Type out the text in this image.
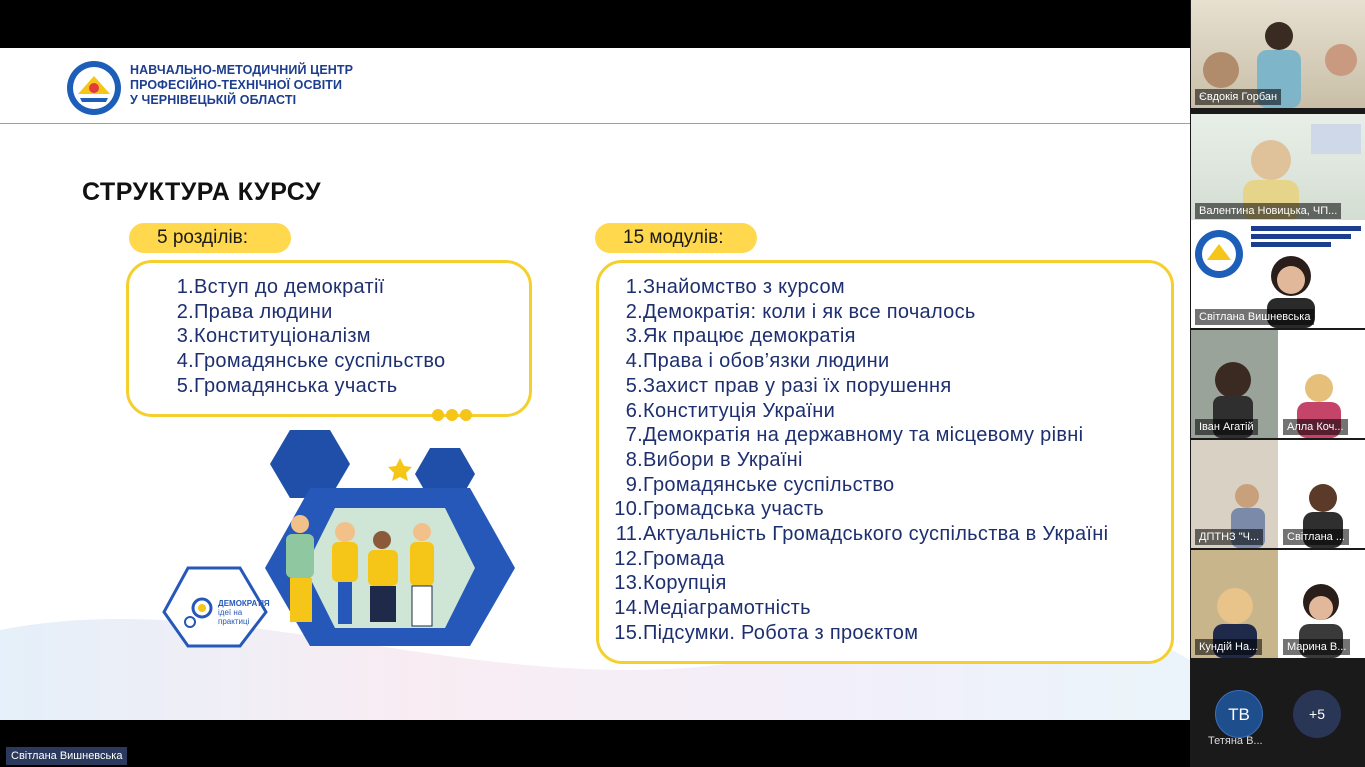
НАВЧАЛЬНО-МЕТОДИЧНИЙ ЦЕНТР
ПРОФЕСІЙНО-ТЕХНІЧНОЇ ОСВІТИ
У ЧЕРНІВЕЦЬКІЙ ОБЛАСТІ
СТРУКТУРА КУРСУ
5 розділів:
1.Вступ до демократії
2.Права людини
3.Конституціоналізм
4.Громадянське суспільство
5.Громадянська участь
15 модулів:
1.Знайомство з курсом
2.Демократія: коли і як все почалось
3.Як працює демократія
4.Права і обов’язки людини
5.Захист прав у разі їх порушення
6.Конституція України
7.Демократія на державному та місцевому рівні
8.Вибори в Україні
9.Громадянське суспільство
10.Громадська участь
11.Актуальність Громадського суспільства в Україні
12.Громада
13.Корупція
14.Медіаграмотність
15.Підсумки. Робота з проєктом
ДЕМОКРАТІЯ
ідеї на
практиці
Світлана Вишневська
Євдокія Горбан
Валентина Новицька, ЧП...
Світлана Вишневська
Іван Агатій	Алла Коч...
ДПТНЗ "Ч...	Світлана ...
Кундій На...	Марина В...
ТВ
Тетяна В...
+5
